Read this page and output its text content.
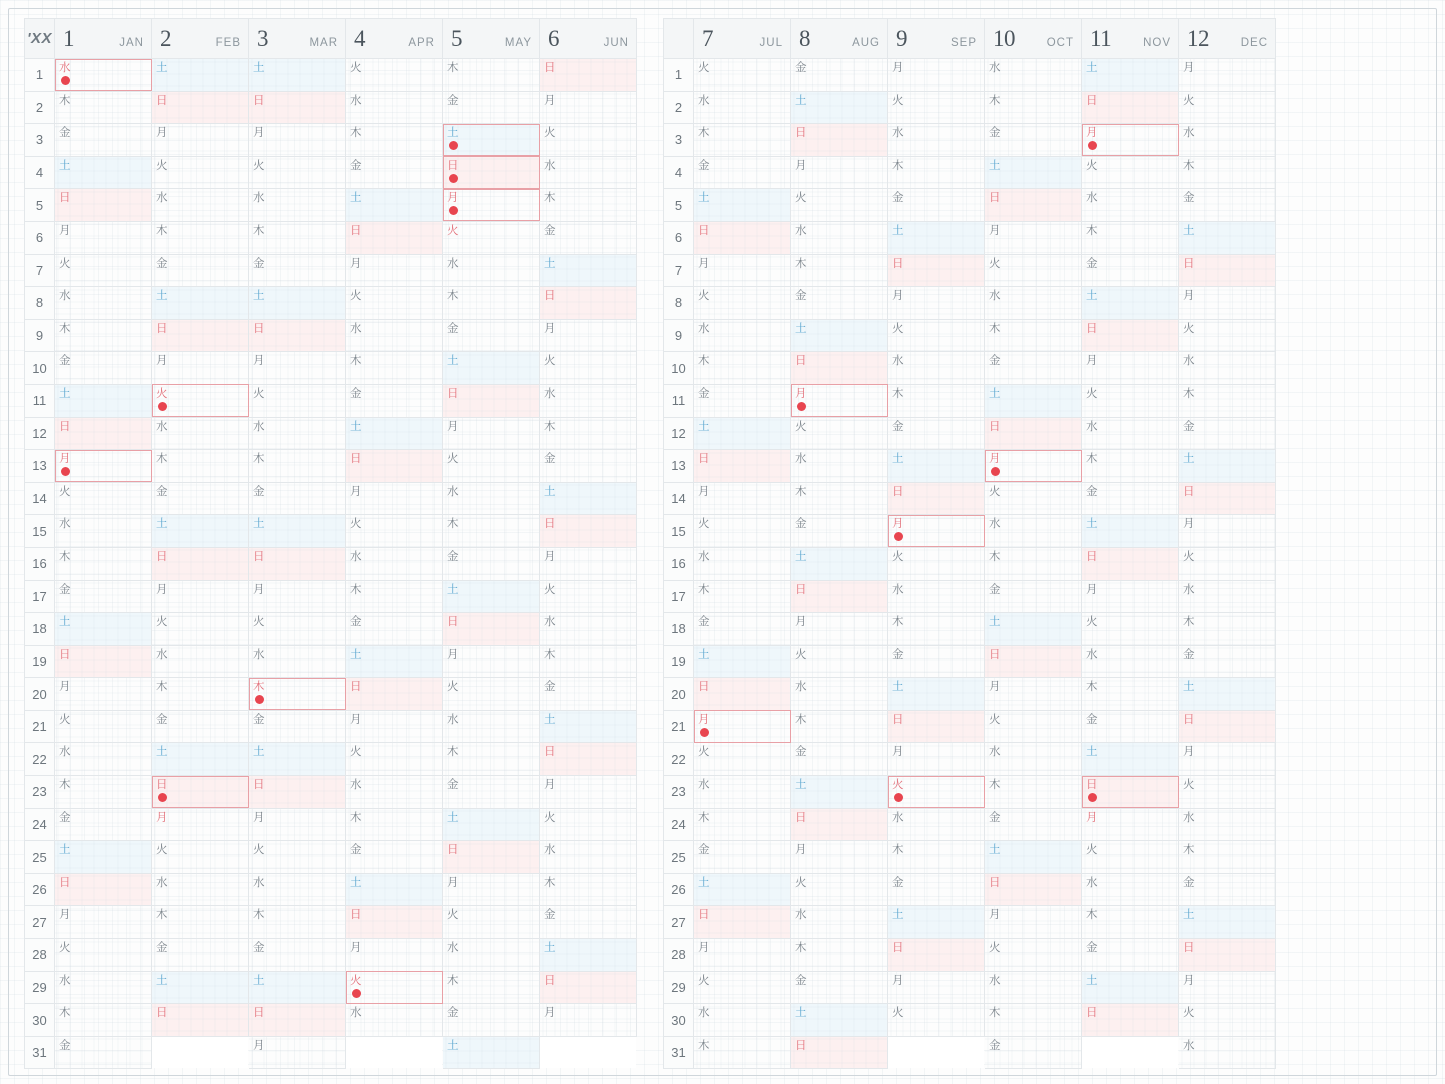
'XX	1 JAN	2 FEB	3 MAR	4 APR	5 MAY	6 JUN

1	水	土	土	火	木	日

2	木	日	日	水	金	月

3	金	月	月	木	土	火

4	土	火	火	金	日	水

5	日	水	水	土	月	木

6	月	木	木	日	火	金

7	火	金	金	月	水	土

8	水	土	土	火	木	日

9	木	日	日	水	金	月

10	金	月	月	木	土	火

11	土	火	火	金	日	水

12	日	水	水	土	月	木

13	月	木	木	日	火	金

14	火	金	金	月	水	土

15	水	土	土	火	木	日

16	木	日	日	水	金	月

17	金	月	月	木	土	火

18	土	火	火	金	日	水

19	日	水	水	土	月	木

20	月	木	木	日	火	金

21	火	金	金	月	水	土

22	水	土	土	火	木	日

23	木	日	日	水	金	月

24	金	月	月	木	土	火

25	土	火	火	金	日	水

26	日	水	水	土	月	木

27	月	木	木	日	火	金

28	火	金	金	月	水	土

29	水	土	土	火	木	日

30	木	日	日	水	金	月

31	金		月		土	

	7 JUL	8 AUG	9 SEP	10 OCT	11 NOV	12 DEC

1	火	金	月	水	土	月

2	水	土	火	木	日	火

3	木	日	水	金	月	水

4	金	月	木	土	火	木

5	土	火	金	日	水	金

6	日	水	土	月	木	土

7	月	木	日	火	金	日

8	火	金	月	水	土	月

9	水	土	火	木	日	火

10	木	日	水	金	月	水

11	金	月	木	土	火	木

12	土	火	金	日	水	金

13	日	水	土	月	木	土

14	月	木	日	火	金	日

15	火	金	月	水	土	月

16	水	土	火	木	日	火

17	木	日	水	金	月	水

18	金	月	木	土	火	木

19	土	火	金	日	水	金

20	日	水	土	月	木	土

21	月	木	日	火	金	日

22	火	金	月	水	土	月

23	水	土	火	木	日	火

24	木	日	水	金	月	水

25	金	月	木	土	火	木

26	土	火	金	日	水	金

27	日	水	土	月	木	土

28	月	木	日	火	金	日

29	火	金	月	水	土	月

30	水	土	火	木	日	火

31	木	日		金		水
